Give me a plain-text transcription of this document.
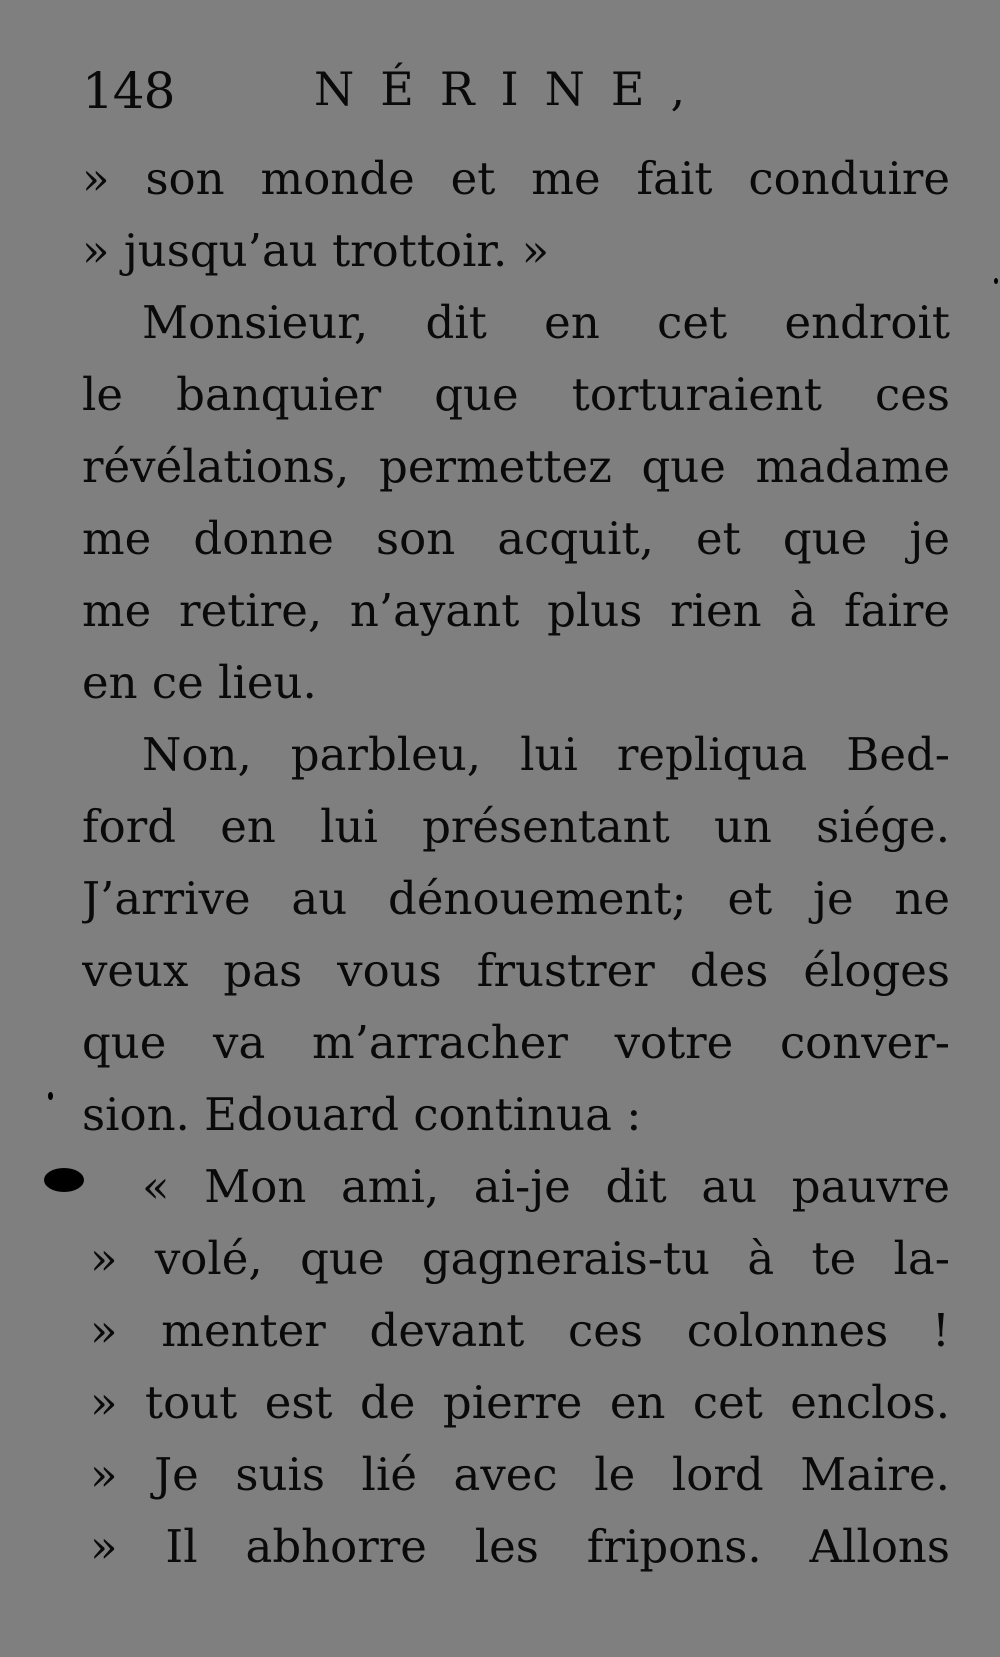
148	NÉRINE,
» son monde et me fait conduire
» jusqu’au trottoir. »
Monsieur, dit en cet endroit
le banquier que torturaient ces
révélations, permettez que madame
me donne son acquit, et que je
me retire, n’ayant plus rien à faire
en ce lieu.
Non, parbleu, lui repliqua Bed-
ford en lui présentant un siége.
J’arrive au dénouement; et je ne
veux pas vous frustrer des éloges
que va m’arracher votre conver-
sion. Edouard continua :
« Mon ami, ai-je dit au pauvre
» volé, que gagnerais-tu à te la-
» menter devant ces colonnes !
» tout est de pierre en cet enclos.
» Je suis lié avec le lord Maire.
» Il abhorre les fripons. Allons
